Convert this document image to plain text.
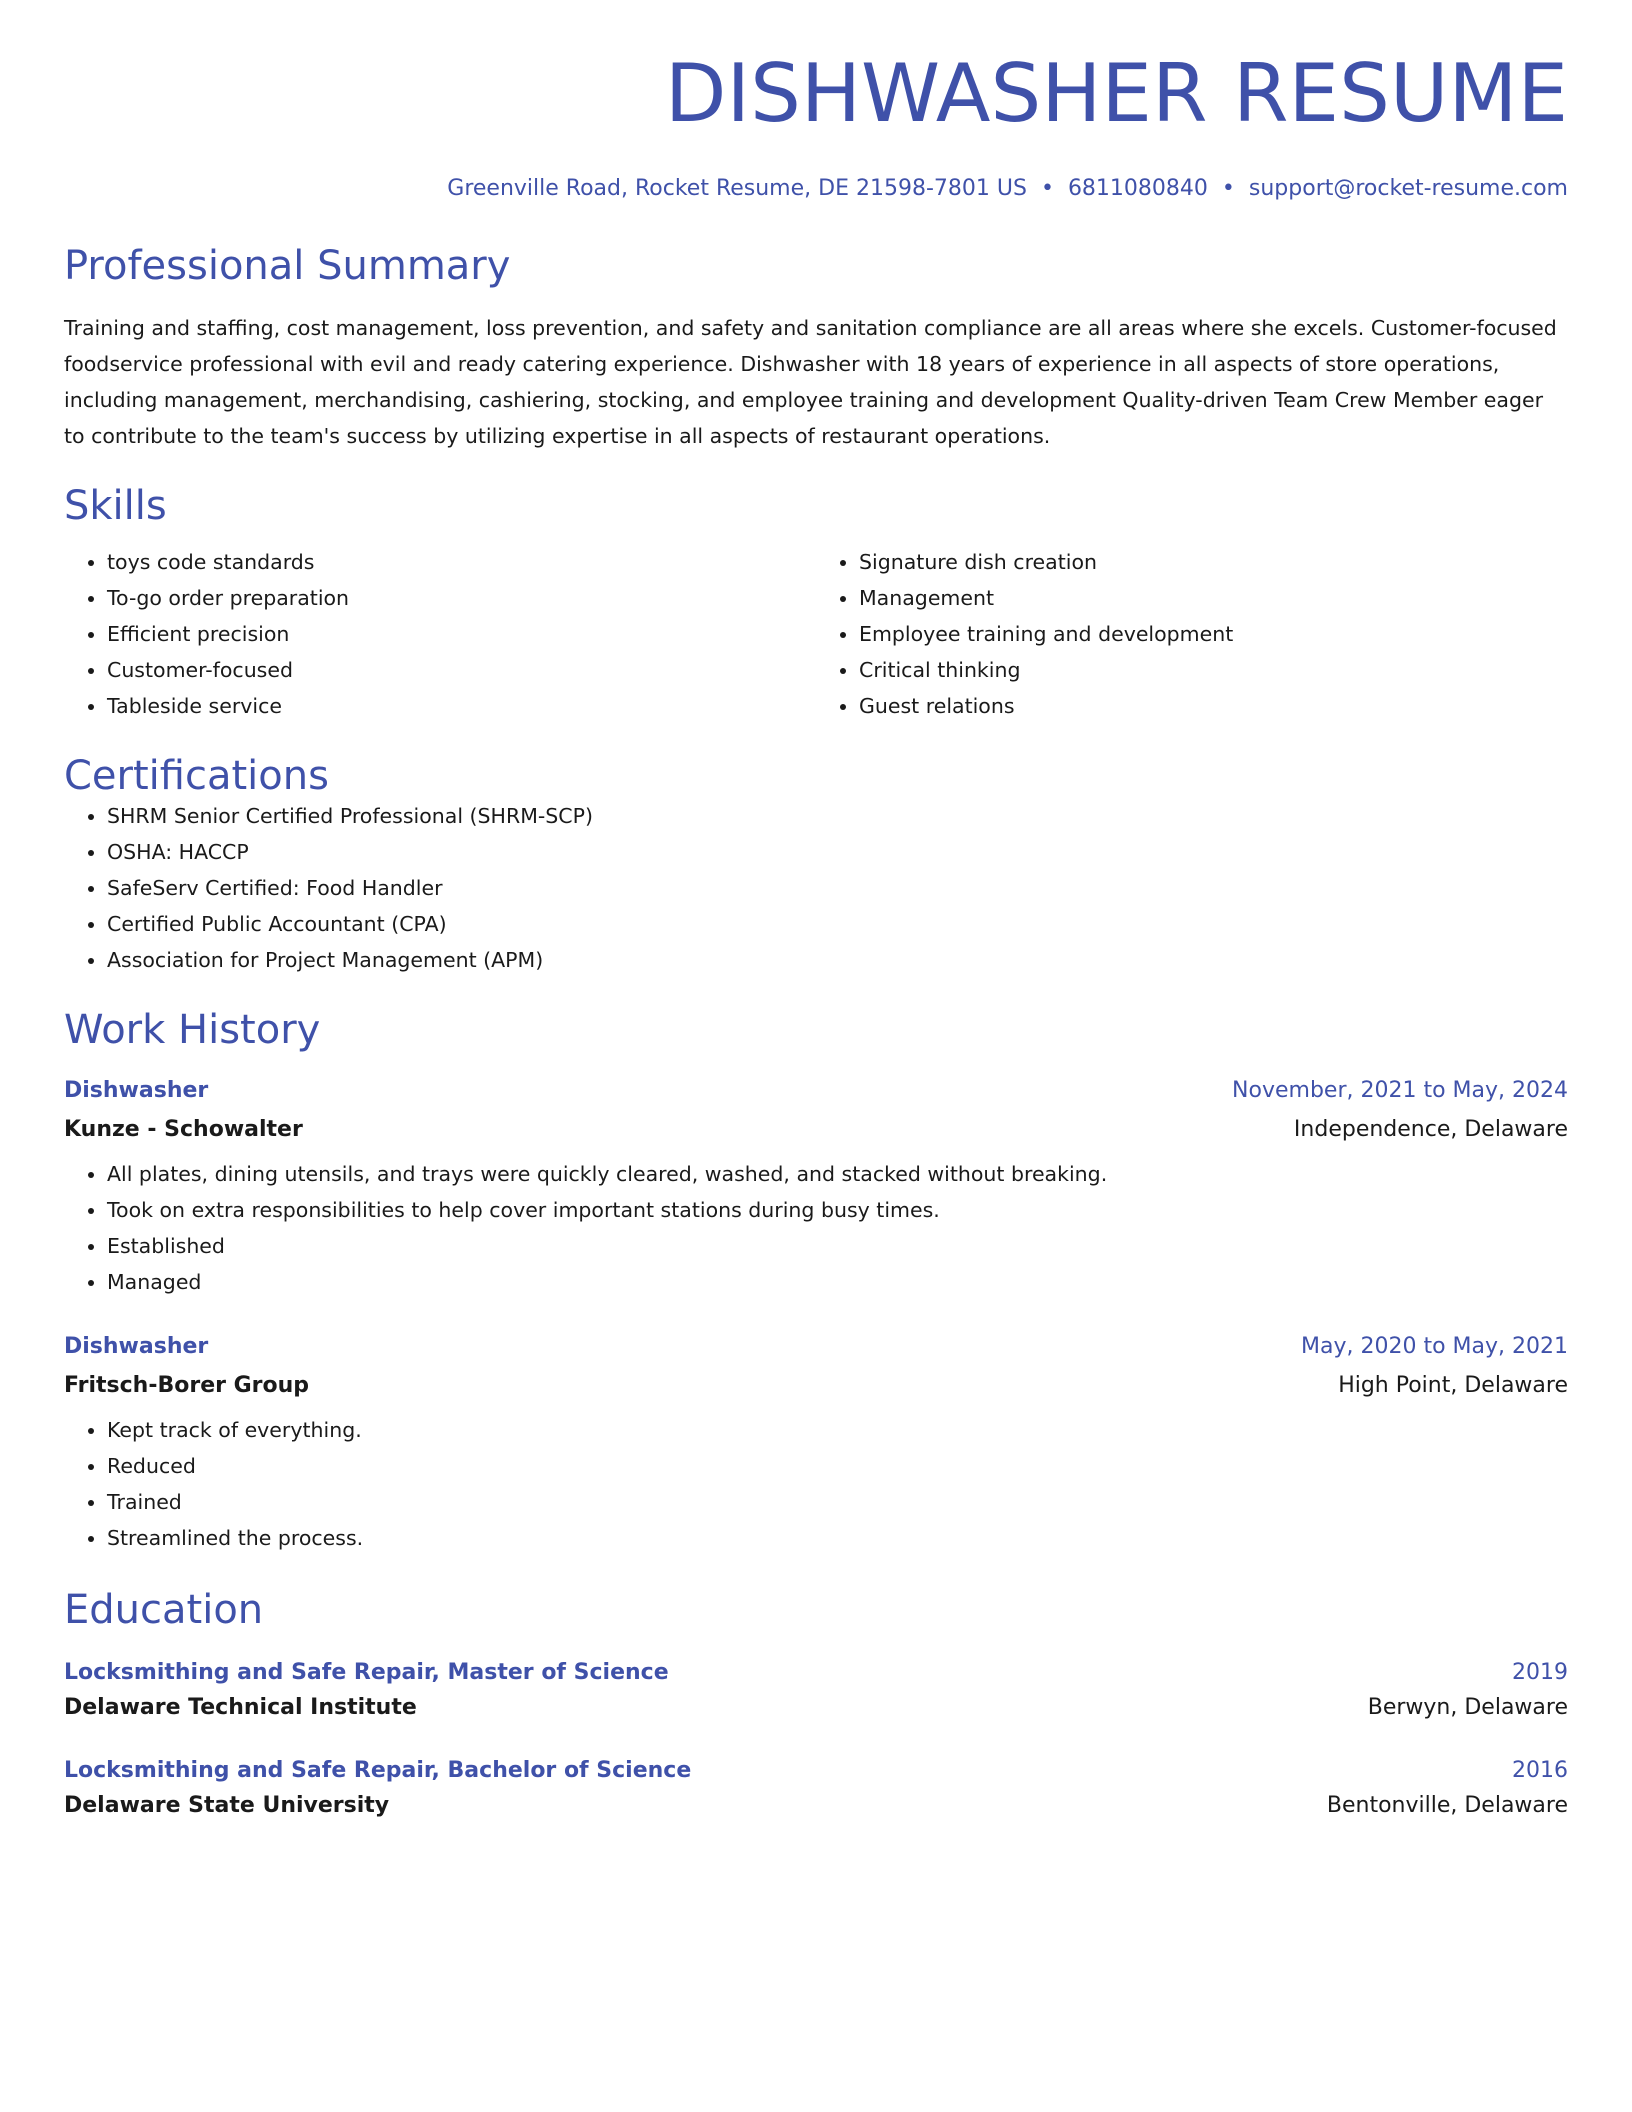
DISHWASHER RESUME
Greenville Road, Rocket Resume, DE 21598-7801 US • 6811080840 • support@rocket-resume.com
Professional Summary

Training and staffing, cost management, loss prevention, and safety and sanitation compliance are all areas where she excels. Customer-focused foodservice professional with evil and ready catering experience. Dishwasher with 18 years of experience in all aspects of store operations, including management, merchandising, cashiering, stocking, and employee training and development Quality-driven Team Crew Member eager to contribute to the team's success by utilizing expertise in all aspects of restaurant operations.

Skills
• toys code standards
• To-go order preparation
• Efficient precision
• Customer-focused
• Tableside service
• Signature dish creation
• Management
• Employee training and development
• Critical thinking
• Guest relations
Certifications
• SHRM Senior Certified Professional (SHRM-SCP)
• OSHA: HACCP
• SafeServ Certified: Food Handler
• Certified Public Accountant (CPA)
• Association for Project Management (APM)
Work History
Dishwasher	November, 2021 to May, 2024
Kunze - Schowalter	Independence, Delaware
• All plates, dining utensils, and trays were quickly cleared, washed, and stacked without breaking.
• Took on extra responsibilities to help cover important stations during busy times.
• Established
• Managed
Dishwasher	May, 2020 to May, 2021
Fritsch-Borer Group	High Point, Delaware
• Kept track of everything.
• Reduced
• Trained
• Streamlined the process.
Education
Locksmithing and Safe Repair, Master of Science	2019
Delaware Technical Institute	Berwyn, Delaware
Locksmithing and Safe Repair, Bachelor of Science	2016
Delaware State University	Bentonville, Delaware
